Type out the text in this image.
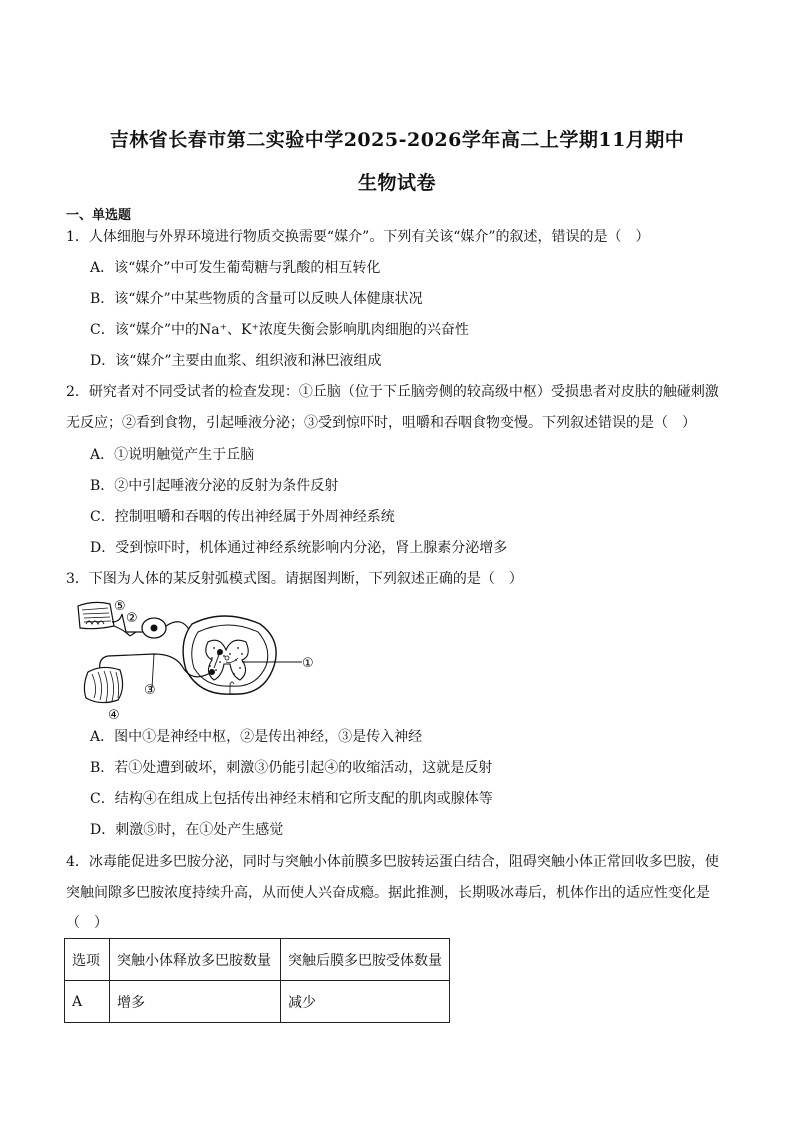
吉林省长春市第二实验中学2025-2026学年高二上学期11月期中
生物试卷
一、单选题
1．人体细胞与外界环境进行物质交换需要“媒介”。下列有关该“媒介”的叙述，错误的是（　）
A．该“媒介”中可发生葡萄糖与乳酸的相互转化
B．该“媒介”中某些物质的含量可以反映人体健康状况
C．该“媒介”中的Na⁺、K⁺浓度失衡会影响肌肉细胞的兴奋性
D．该“媒介”主要由血浆、组织液和淋巴液组成
2．研究者对不同受试者的检查发现：①丘脑（位于下丘脑旁侧的较高级中枢）受损患者对皮肤的触碰刺激
无反应；②看到食物，引起唾液分泌；③受到惊吓时，咀嚼和吞咽食物变慢。下列叙述错误的是（　）
A．①说明触觉产生于丘脑
B．②中引起唾液分泌的反射为条件反射
C．控制咀嚼和吞咽的传出神经属于外周神经系统
D．受到惊吓时，机体通过神经系统影响内分泌，肾上腺素分泌增多
3．下图为人体的某反射弧模式图。请据图判断，下列叙述正确的是（　）
⑤
②
①
③
④
A．图中①是神经中枢，②是传出神经，③是传入神经
B．若①处遭到破坏，刺激③仍能引起④的收缩活动，这就是反射
C．结构④在组成上包括传出神经末梢和它所支配的肌肉或腺体等
D．刺激⑤时，在①处产生感觉
4．冰毒能促进多巴胺分泌，同时与突触小体前膜多巴胺转运蛋白结合，阻碍突触小体正常回收多巴胺，使
突触间隙多巴胺浓度持续升高，从而使人兴奋成瘾。据此推测，长期吸冰毒后，机体作出的适应性变化是
（　）
选项	突触小体释放多巴胺数量	突触后膜多巴胺受体数量
A	增多	减少
